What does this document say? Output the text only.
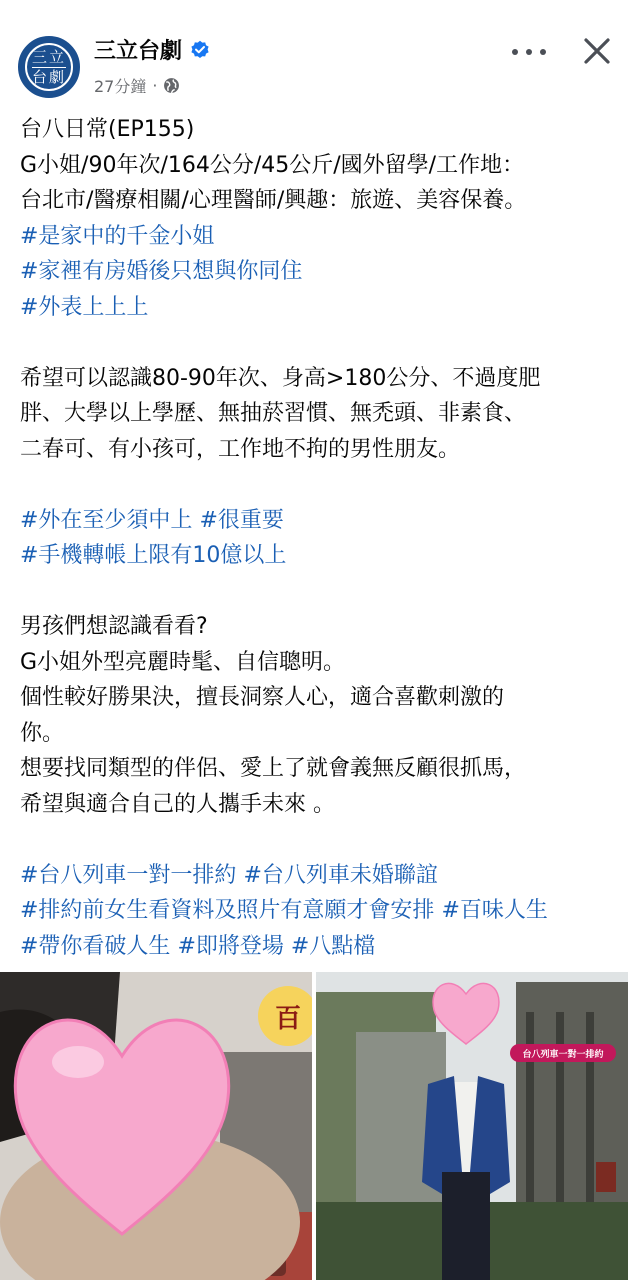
三立
台劇
三立台劇
27分鐘 ·
台八日常(EP155)
G小姐/90年次/164公分/45公斤/國外留學/工作地：
台北市/醫療相關/心理醫師/興趣：旅遊、美容保養。
#是家中的千金小姐
#家裡有房婚後只想與你同住
#外表上上上
希望可以認識80-90年次、身高>180公分、不過度肥
胖、大學以上學歷、無抽菸習慣、無禿頭、非素食、
二春可、有小孩可，工作地不拘的男性朋友。
#外在至少須中上 #很重要
#手機轉帳上限有10億以上
男孩們想認識看看?
G小姐外型亮麗時髦、自信聰明。
個性較好勝果決，擅長洞察人心，適合喜歡刺激的
你。
想要找同類型的伴侶、愛上了就會義無反顧很抓馬，
希望與適合自己的人攜手未來 。
#台八列車一對一排約 #台八列車未婚聯誼
#排約前女生看資料及照片有意願才會安排 #百味人生
#帶你看破人生 #即將登場 #八點檔
百
台八列車一對一排約
